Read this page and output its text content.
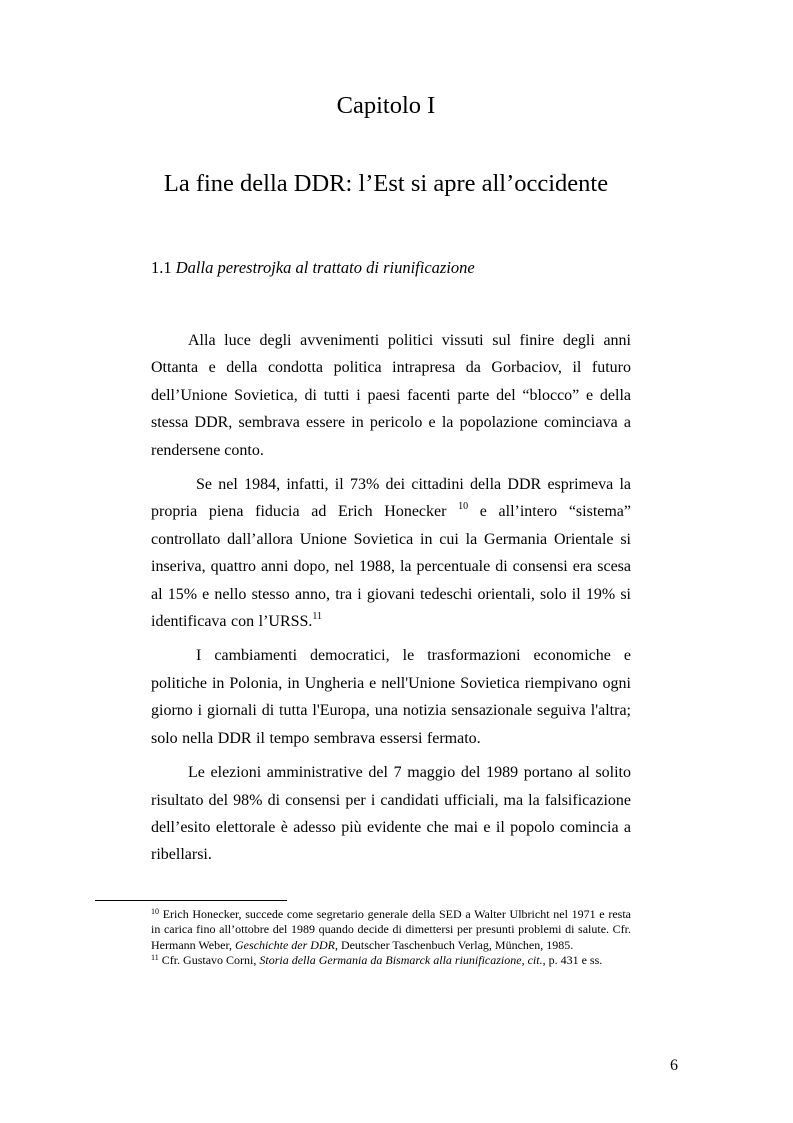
Capitolo I
La fine della DDR: l’Est si apre all’occidente
1.1 Dalla perestrojka al trattato di riunificazione

Alla luce degli avvenimenti politici vissuti sul finire degli anni Ottanta e della condotta politica intrapresa da Gorbaciov, il futuro dell’Unione Sovietica, di tutti i paesi facenti parte del “blocco” e della stessa DDR, sembrava essere in pericolo e la popolazione cominciava a rendersene conto.

Se nel 1984, infatti, il 73% dei cittadini della DDR esprimeva la propria piena fiducia ad Erich Honecker $^{10}$ e all’intero “sistema” controllato dall’allora Unione Sovietica in cui la Germania Orientale si inseriva, quattro anni dopo, nel 1988, la percentuale di consensi era scesa al 15% e nello stesso anno, tra i giovani tedeschi orientali, solo il 19% si identificava con l’URSS.$^{11}$

I cambiamenti democratici, le trasformazioni economiche e politiche in Polonia, in Ungheria e nell'Unione Sovietica riempivano ogni giorno i giornali di tutta l'Europa, una notizia sensazionale seguiva l'altra; solo nella DDR il tempo sembrava essersi fermato.

Le elezioni amministrative del 7 maggio del 1989 portano al solito risultato del 98% di consensi per i candidati ufficiali, ma la falsificazione dell’esito elettorale è adesso più evidente che mai e il popolo comincia a ribellarsi.

$^{10}$ Erich Honecker, succede come segretario generale della SED a Walter Ulbricht nel 1971 e resta in carica fino all’ottobre del 1989 quando decide di dimettersi per presunti problemi di salute. Cfr. Hermann Weber, Geschichte der DDR, Deutscher Taschenbuch Verlag, München, 1985.

$^{11}$ Cfr. Gustavo Corni, Storia della Germania da Bismarck alla riunificazione, cit., p. 431 e ss.

6
